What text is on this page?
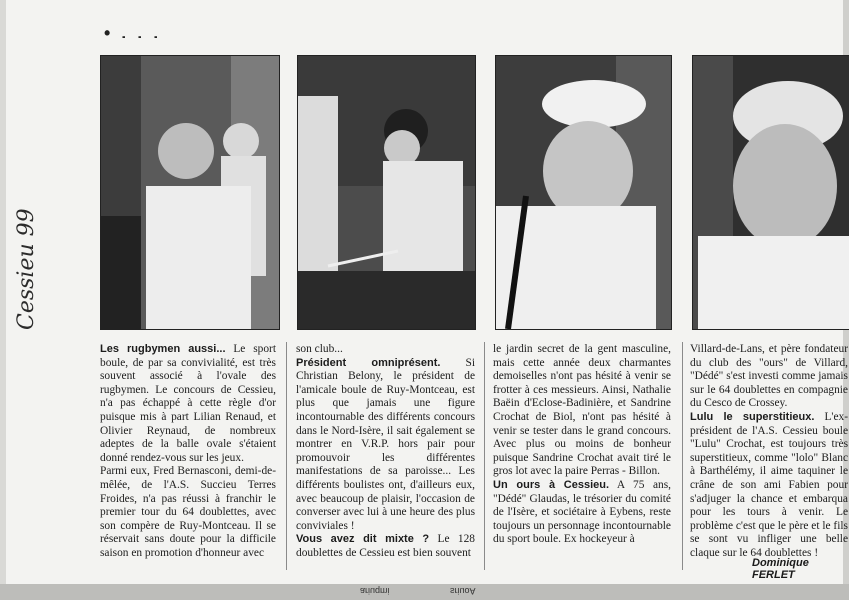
• . . .
Cessieu 99

Les rugbymen aussi... Le sport boule, de par sa convivialité, est très souvent associé à l'ovale des rugbymen. Le concours de Cessieu, n'a pas échappé à cette règle d'or puisque mis à part Lilian Renaud, et Olivier Reynaud, de nombreux adeptes de la balle ovale s'étaient donné rendez-vous sur les jeux.

Parmi eux, Fred Bernasconi, demi-de-mêlée, de l'A.S. Succieu Terres Froides, n'a pas réussi à franchir le premier tour du 64 doublettes, avec son compère de Ruy-Montceau. Il se réservait sans doute pour la difficile saison en promotion d'honneur avec

son club...

Président omniprésent. Si Christian Belony, le président de l'amicale boule de Ruy-Montceau, est plus que jamais une figure incontournable des différents concours dans le Nord-Isère, il sait également se montrer en V.R.P. hors pair pour promouvoir les différentes manifestations de sa paroisse... Les différents boulistes ont, d'ailleurs eux, avec beaucoup de plaisir, l'occasion de converser avec lui à une heure des plus conviviales !

Vous avez dit mixte ? Le 128 doublettes de Cessieu est bien souvent

le jardin secret de la gent masculine, mais cette année deux charmantes demoiselles n'ont pas hésité à venir se frotter à ces messieurs. Ainsi, Nathalie Baëin d'Eclose-Badinière, et Sandrine Crochat de Biol, n'ont pas hésité à venir se tester dans le grand concours. Avec plus ou moins de bonheur puisque Sandrine Crochat avait tiré le gros lot avec la paire Perras - Billon.

Un ours à Cessieu. A 75 ans, "Dédé" Glaudas, le trésorier du comité de l'Isère, et sociétaire à Eybens, reste toujours un personnage incontournable du sport boule. Ex hockeyeur à

Villard-de-Lans, et père fondateur du club des "ours" de Villard, "Dédé" s'est investi comme jamais sur le 64 doublettes en compagnie du Cesco de Crossey.

Lulu le superstitieux. L'ex-président de l'A.S. Cessieu boule "Lulu" Crochat, est toujours très superstitieux, comme "lolo" Blanc à Barthélémy, il aime taquiner le crâne de son ami Fabien pour s'adjuger la chance et embarqua pour les tours à venir. Le problème c'est que le père et le fils se sont vu infliger une belle claque sur le 64 doublettes !

Dominique FERLET
ariuqmi	sriuoA
